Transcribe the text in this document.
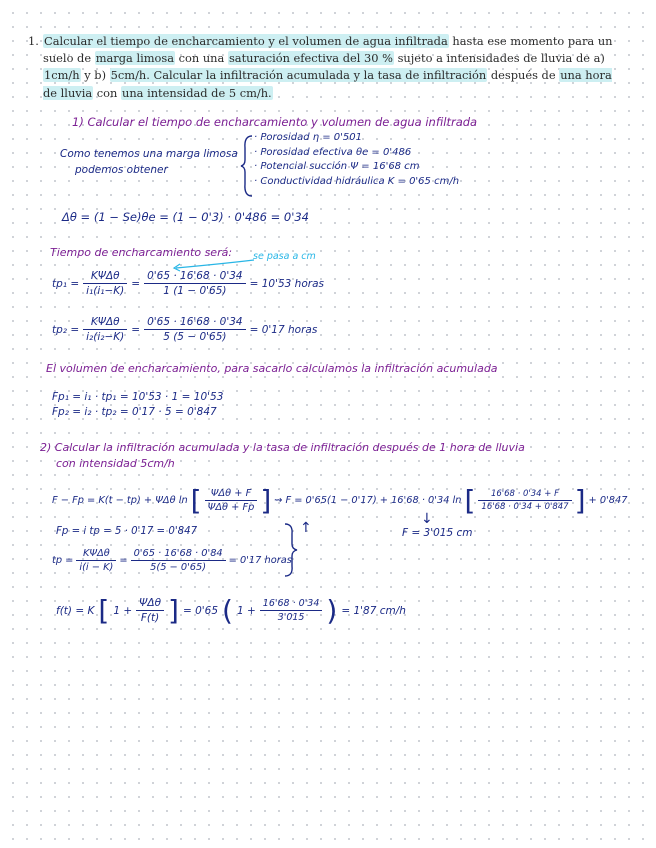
1. Calcular el tiempo de encharcamiento y el volumen de agua infiltrada hasta ese momento para un suelo de marga limosa con una saturación efectiva del 30 % sujeto a intensidades de lluvia de a) 1cm/h y b) 5cm/h. Calcular la infiltración acumulada y la tasa de infiltración después de una hora de lluvia con una intensidad de 5 cm/h.
1) Calcular el tiempo de encharcamiento y volumen de agua infiltrada
Como tenemos una marga limosa
podemos obtener
· Porosidad η = 0'501
· Porosidad efectiva θe = 0'486
· Potencial succión Ψ = 16'68 cm
· Conductividad hidráulica K = 0'65 cm/h
Δθ = (1 − Se)θe = (1 − 0'3) · 0'486 = 0'34
Tiempo de encharcamiento será: se pasa a cm
$tp_1 = \frac{\text{KΨΔθ}}{\text{i₁(i₁−K)}} = \frac{0'65 \cdot 16'68 \cdot 0'34}{1 (1 - 0'65)} = 10'53$ horas
$tp_2 = \frac{\text{KΨΔθ}}{\text{i₂(i₂−K)}} = \frac{0'65 \cdot 16'68 \cdot 0'34}{5 (5 - 0'65)} = 0'17$ horas
El volumen de encharcamiento, para sacarlo calculamos la infiltración acumulada
Fp₁ = i₁ · tp₁ = 10'53 · 1 = 10'53
Fp₂ = i₂ · tp₂ = 0'17 · 5 = 0'847
2) Calcular la infiltración acumulada y la tasa de infiltración después de 1 hora de lluvia
con intensidad 5cm/h
F − Fp = K(t − tp) + ΨΔθ ln [ $\frac{\text{ΨΔθ + F}}{\text{ΨΔθ + Fp}}$ ] ⇝ F = 0'65(1 − 0'17) + 16'68 · 0'34 ln [ $\frac{16'68 \cdot 0'34 + F}{16'68 \cdot 0'34 + 0'847}$ ] + 0'847
↓
F = 3'015 cm
Fp = i tp = 5 · 0'17 = 0'847
tp = $\frac{\text{KΨΔθ}}{i(i - K)} = \frac{0'65 \cdot 16'68 \cdot 0'84}{5(5 - 0'65)} = 0'17$ horas
↑
f(t) = K [ $1 + \frac{\text{ΨΔθ}}{F(t)}$ ] = 0'65 ( $1 + \frac{16'68 \cdot 0'34}{3'015}$ ) = 1'87 cm/h
